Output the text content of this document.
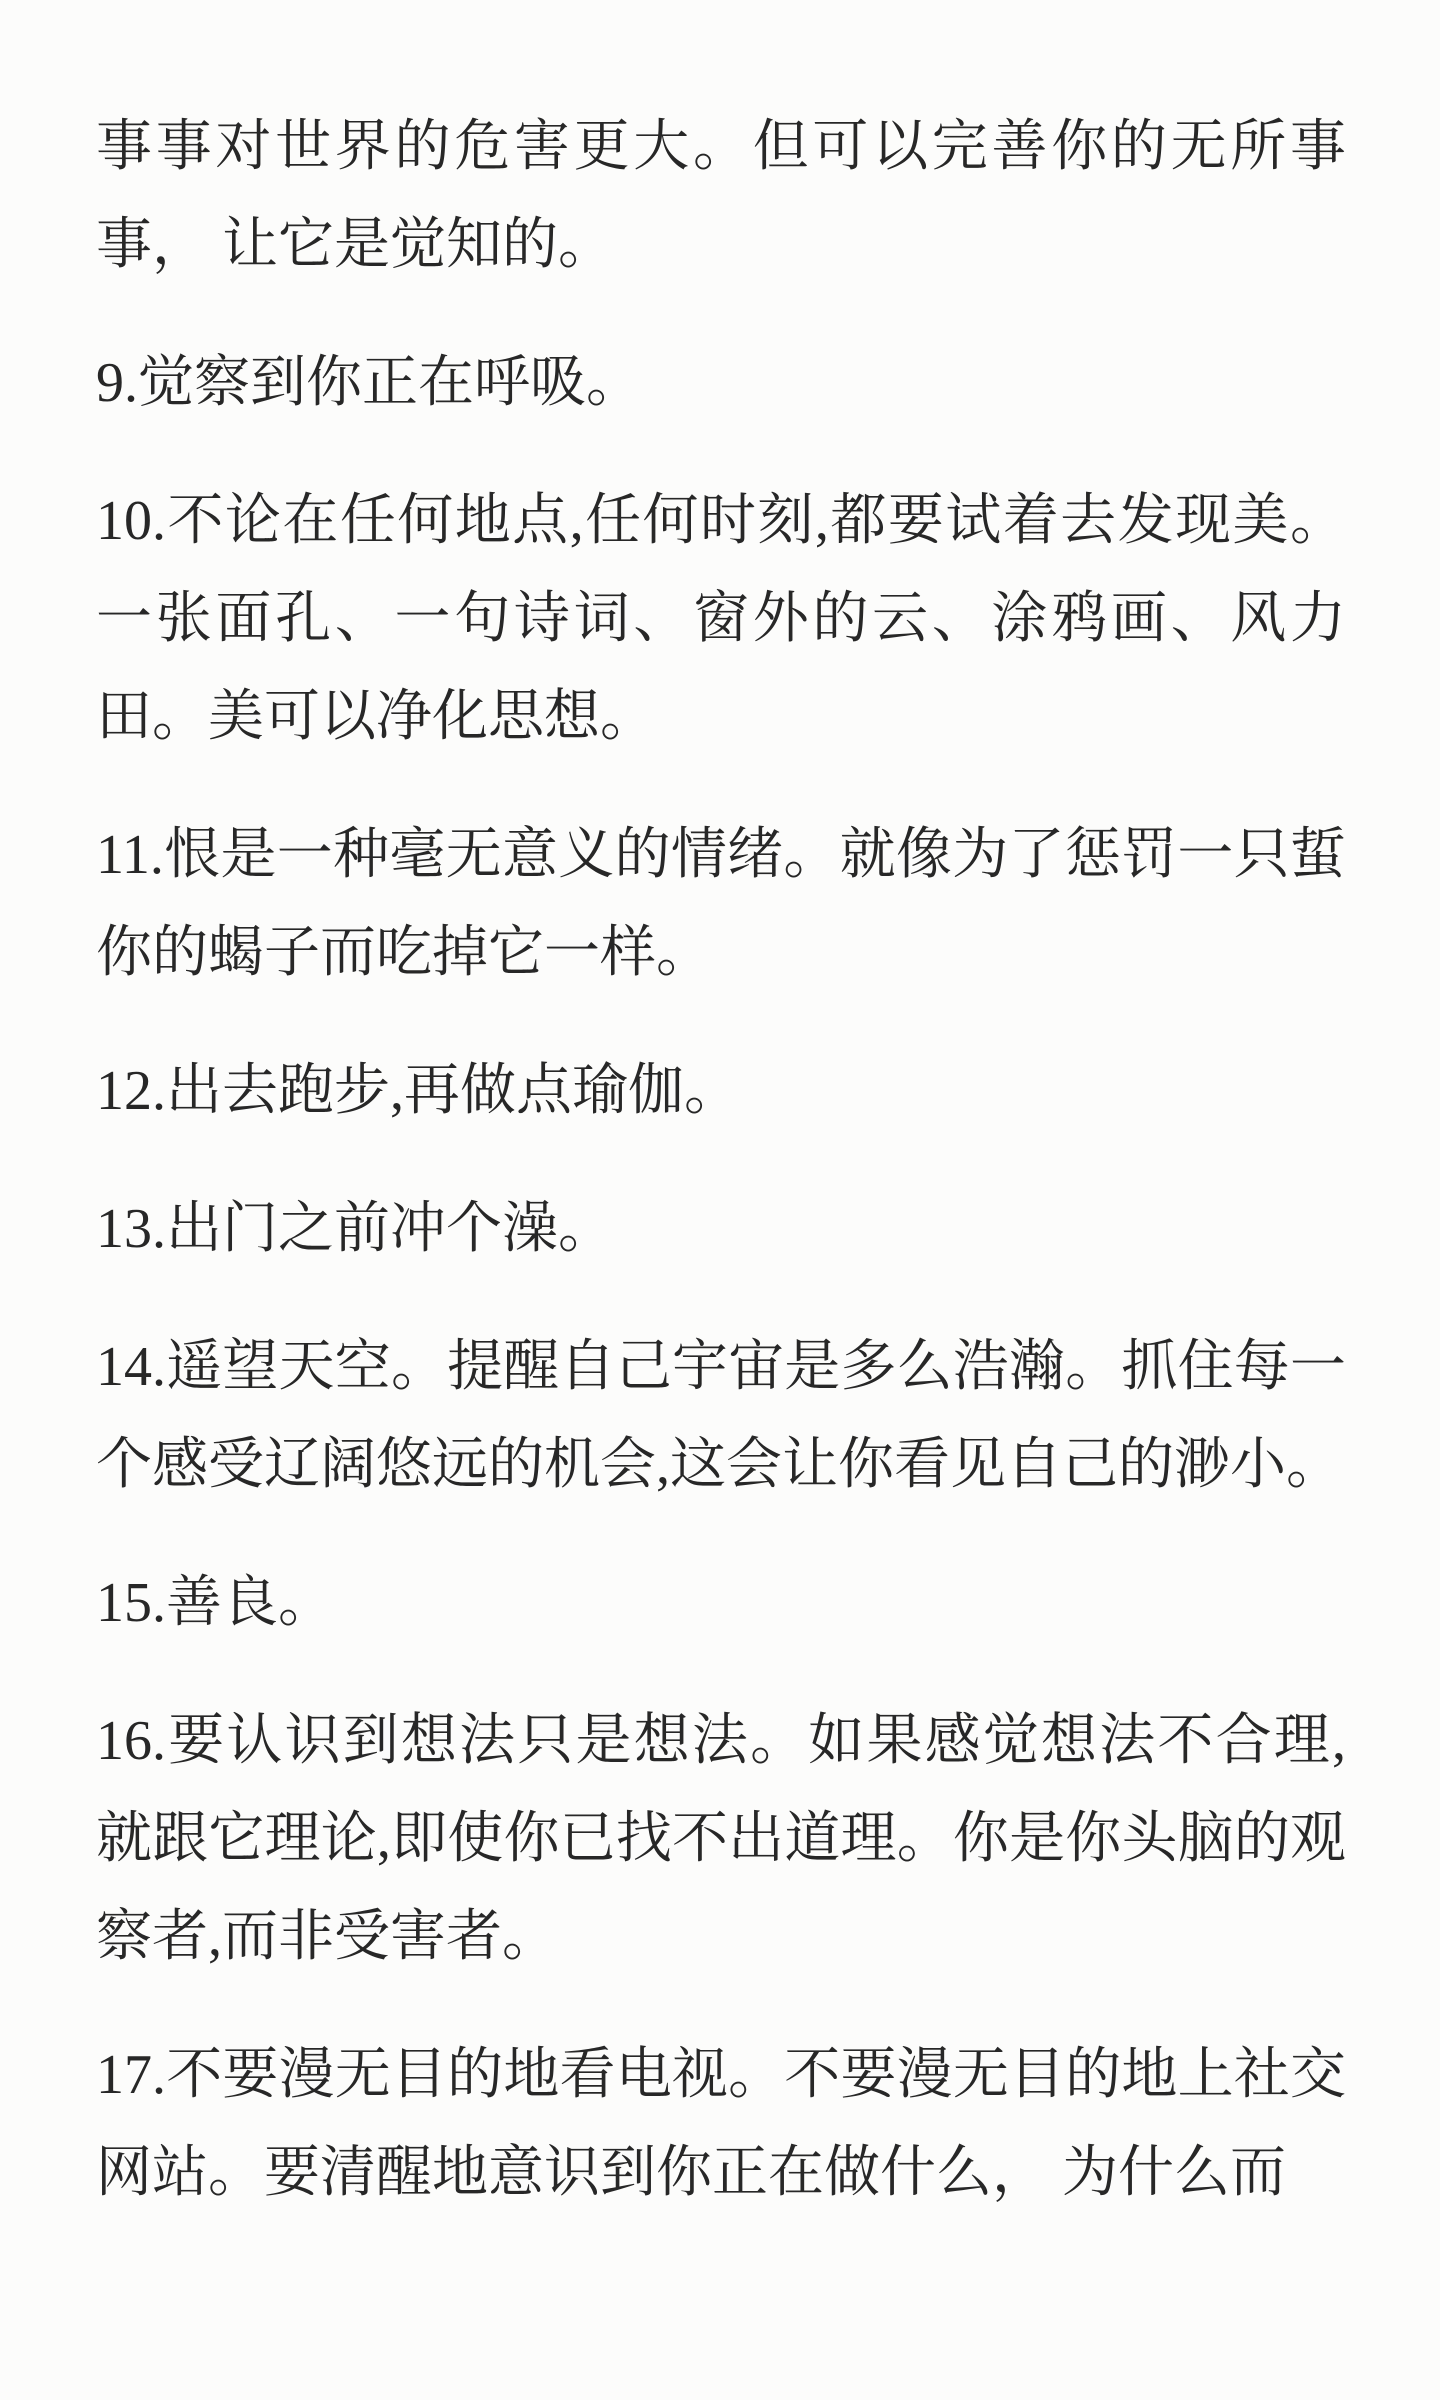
事事对世界的危害更大。但可以完善你的无所事
事， 让它是觉知的。
9.觉察到你正在呼吸。
10.不论在任何地点,任何时刻,都要试着去发现美。
一张面孔、一句诗词、窗外的云、涂鸦画、风力
田。美可以净化思想。
11.恨是一种毫无意义的情绪。就像为了惩罚一只蜇
你的蝎子而吃掉它一样。
12.出去跑步,再做点瑜伽。
13.出门之前冲个澡。
14.遥望天空。提醒自己宇宙是多么浩瀚。抓住每一
个感受辽阔悠远的机会,这会让你看见自己的渺小。
15.善良。
16.要认识到想法只是想法。如果感觉想法不合理,
就跟它理论,即使你已找不出道理。你是你头脑的观
察者,而非受害者。
17.不要漫无目的地看电视。不要漫无目的地上社交
网站。要清醒地意识到你正在做什么， 为什么而
